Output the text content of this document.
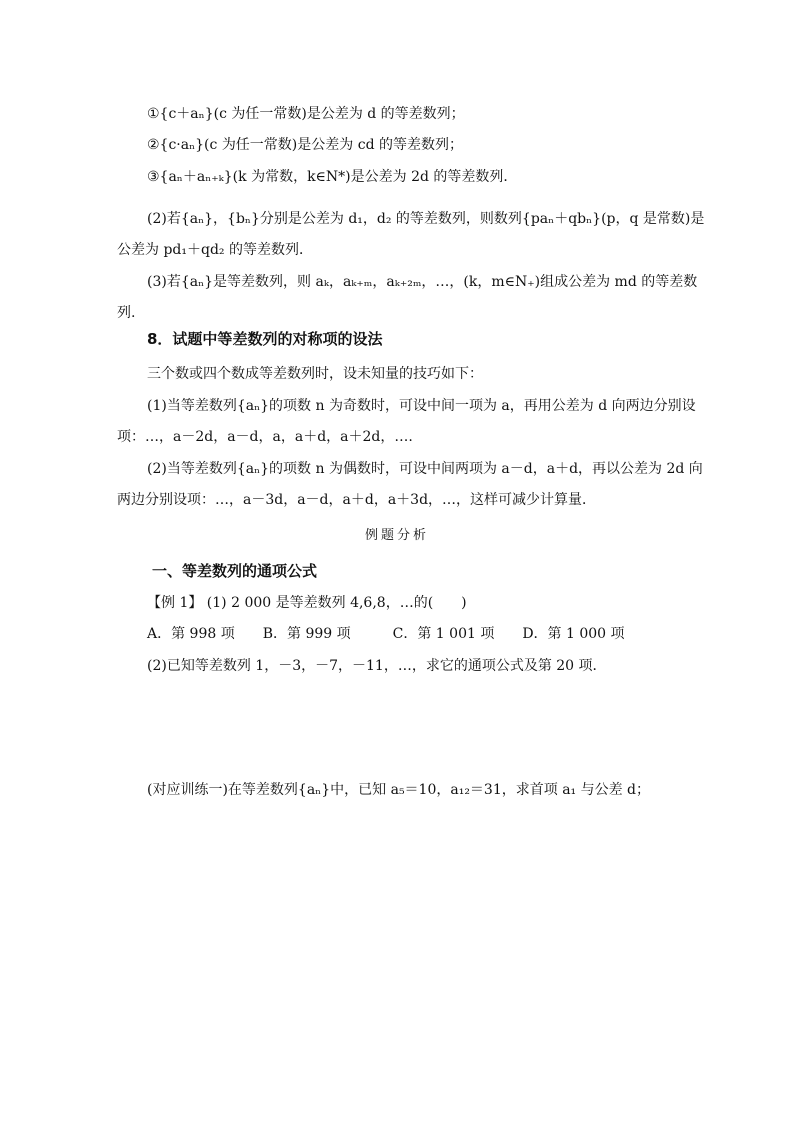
①{c＋aₙ}(c 为任一常数)是公差为 d 的等差数列；
②{c·aₙ}(c 为任一常数)是公差为 cd 的等差数列；
③{aₙ＋aₙ₊ₖ}(k 为常数，k∈N*)是公差为 2d 的等差数列．
(2)若{aₙ}，{bₙ}分别是公差为 d₁，d₂ 的等差数列，则数列{paₙ＋qbₙ}(p，q 是常数)是
公差为 pd₁＋qd₂ 的等差数列．
(3)若{aₙ}是等差数列，则 aₖ，aₖ₊ₘ，aₖ₊₂ₘ，…，(k，m∈N₊)组成公差为 md 的等差数
列.
8．试题中等差数列的对称项的设法
三个数或四个数成等差数列时，设未知量的技巧如下：
(1)当等差数列{aₙ}的项数 n 为奇数时，可设中间一项为 a，再用公差为 d 向两边分别设
项：…，a－2d，a－d，a，a＋d，a＋2d，….
(2)当等差数列{aₙ}的项数 n 为偶数时，可设中间两项为 a－d，a＋d，再以公差为 2d 向
两边分别设项：…，a－3d，a－d，a＋d，a＋3d，…，这样可减少计算量．
例题分析
一、等差数列的通项公式
【例 1】 (1) 2 000 是等差数列 4,6,8，…的(　　)
A．第 998 项　　B．第 999 项　　　C．第 1 001 项　　D．第 1 000 项
(2)已知等差数列 1，－3，－7，－11，…，求它的通项公式及第 20 项．
(对应训练一)在等差数列{aₙ}中，已知 a₅＝10，a₁₂＝31，求首项 a₁ 与公差 d；
